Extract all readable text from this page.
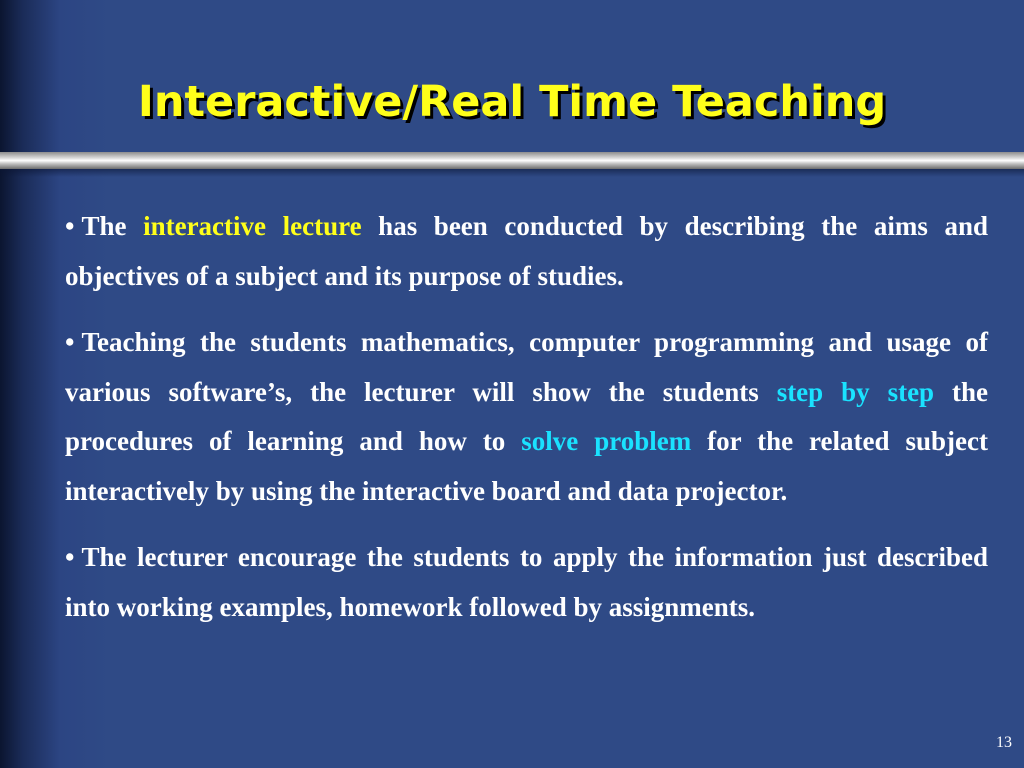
Interactive/Real Time Teaching

• The interactive lecture has been conducted by describing the aims and objectives of a subject and its purpose of studies.

• Teaching the students mathematics, computer programming and usage of various software’s, the lecturer will show the students step by step the procedures of learning and how to solve problem for the related subject interactively by using the interactive board and data projector.

• The lecturer encourage the students to apply the information just described into working examples, homework followed by assignments.

13
